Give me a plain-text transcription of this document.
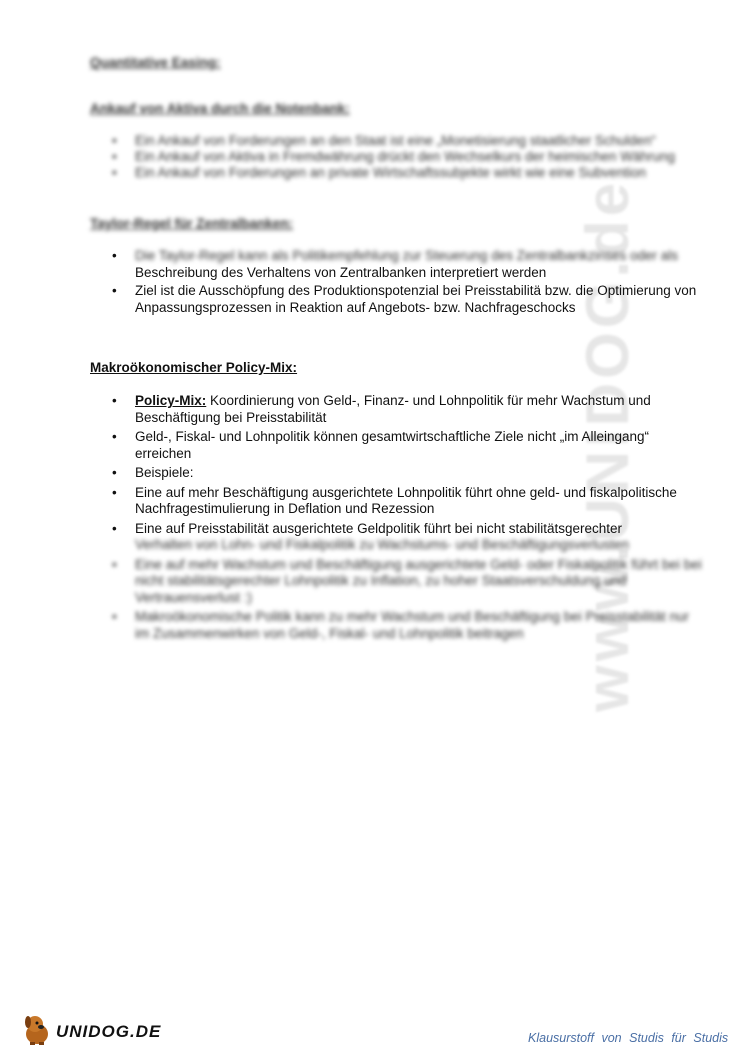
www.UNIDOG.de
Quantitative Easing:
Ankauf von Aktiva durch die Notenbank:
• Ein Ankauf von Forderungen an den Staat ist eine „Monetisierung staatlicher Schulden“
• Ein Ankauf von Aktiva in Fremdwährung drückt den Wechselkurs der heimischen Währung
• Ein Ankauf von Forderungen an private Wirtschaftssubjekte wirkt wie eine Subvention
Taylor-Regel für Zentralbanken:
• Die Taylor-Regel kann als Politikempfehlung zur Steuerung des Zentralbankzinses oder als
Beschreibung des Verhaltens von Zentralbanken interpretiert werden
• Ziel ist die Ausschöpfung des Produktionspotenzial bei Preisstabilitä bzw. die Optimierung von Anpassungsprozessen in Reaktion auf Angebots- bzw. Nachfrageschocks
Makroökonomischer Policy-Mix:
• Policy-Mix: Koordinierung von Geld-, Finanz- und Lohnpolitik für mehr Wachstum und Beschäftigung bei Preisstabilität
• Geld-, Fiskal- und Lohnpolitik können gesamtwirtschaftliche Ziele nicht „im Alleingang“ erreichen
• Beispiele:
• Eine auf mehr Beschäftigung ausgerichtete Lohnpolitik führt ohne geld- und fiskalpolitische Nachfragestimulierung in Deflation und Rezession
• Eine auf Preisstabilität ausgerichtete Geldpolitik führt bei nicht stabilitätsgerechter
Verhalten von Lohn- und Fiskalpolitik zu Wachstums- und Beschäftigungsverlusten
• Eine auf mehr Wachstum und Beschäftigung ausgerichtete Geld- oder Fiskalpolitik führt bei bei nicht stabilitätsgerechter Lohnpolitik zu Inflation, zu hoher Staatsverschuldung und Vertrauensverlust :)
• Makroökonomische Politik kann zu mehr Wachstum und Beschäftigung bei Preisstabilität nur im Zusammenwirken von Geld-, Fiskal- und Lohnpolitik beitragen
UNIDOG.DE	Klausurstoff von Studis für Studis
